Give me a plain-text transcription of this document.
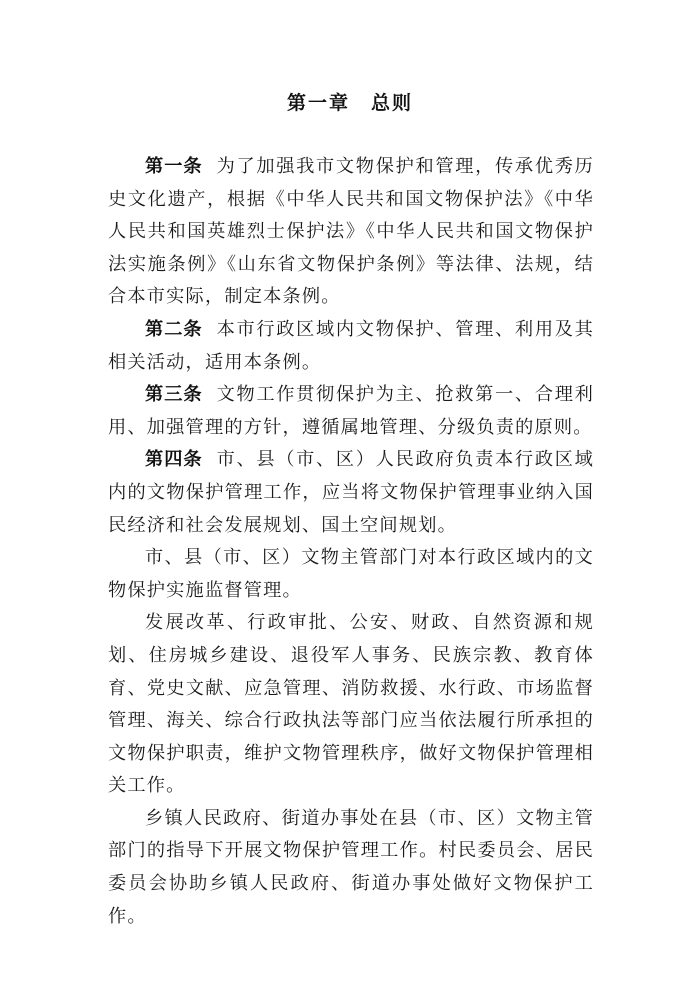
第一章　总则

第一条 为了加强我市文物保护和管理，传承优秀历史文化遗产，根据《中华人民共和国文物保护法》《中华人民共和国英雄烈士保护法》《中华人民共和国文物保护法实施条例》《山东省文物保护条例》等法律、法规，结合本市实际，制定本条例。

第二条 本市行政区域内文物保护、管理、利用及其相关活动，适用本条例。

第三条 文物工作贯彻保护为主、抢救第一、合理利用、加强管理的方针，遵循属地管理、分级负责的原则。

第四条 市、县（市、区）人民政府负责本行政区域内的文物保护管理工作，应当将文物保护管理事业纳入国民经济和社会发展规划、国土空间规划。

市、县（市、区）文物主管部门对本行政区域内的文物保护实施监督管理。

发展改革、行政审批、公安、财政、自然资源和规划、住房城乡建设、退役军人事务、民族宗教、教育体育、党史文献、应急管理、消防救援、水行政、市场监督管理、海关、综合行政执法等部门应当依法履行所承担的文物保护职责，维护文物管理秩序，做好文物保护管理相关工作。

乡镇人民政府、街道办事处在县（市、区）文物主管部门的指导下开展文物保护管理工作。村民委员会、居民委员会协助乡镇人民政府、街道办事处做好文物保护工作。
